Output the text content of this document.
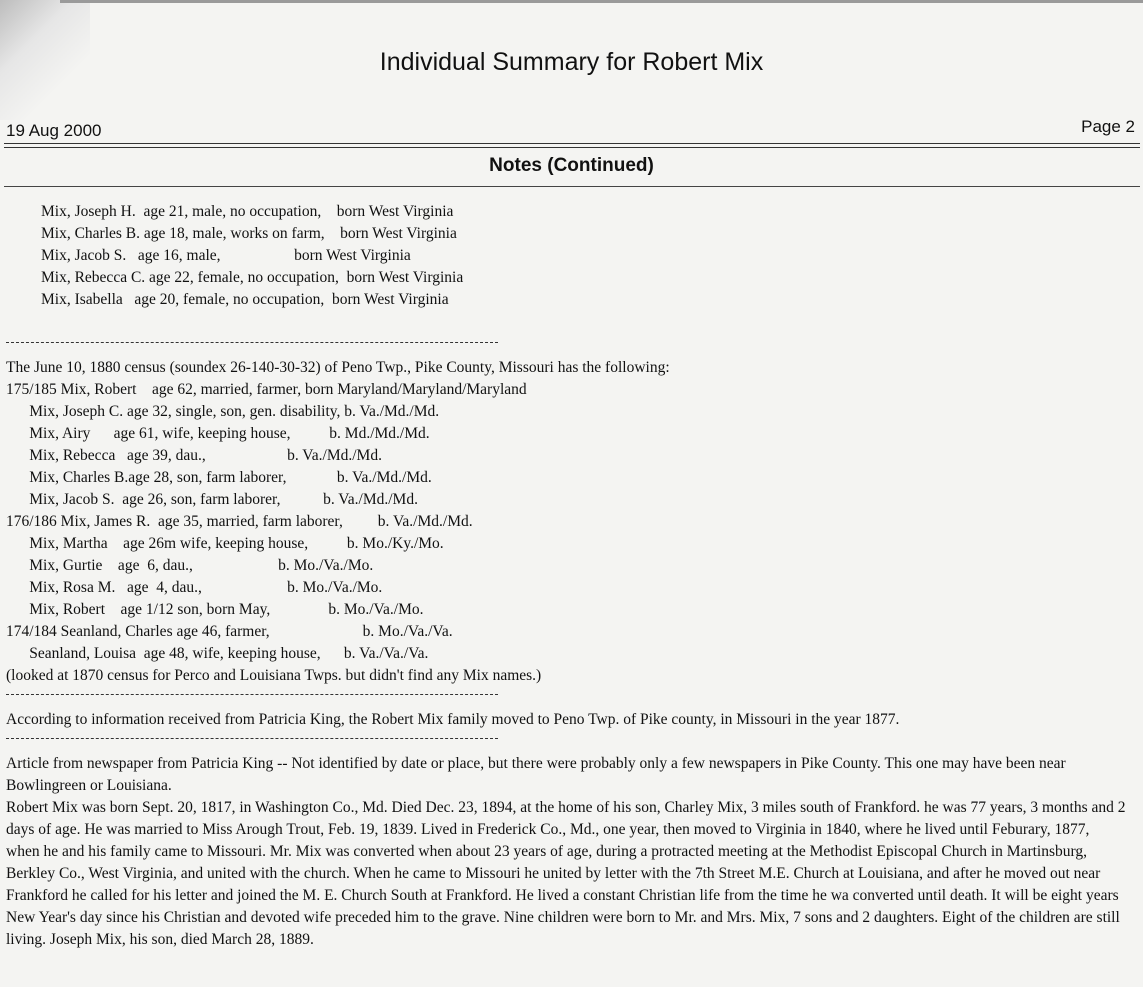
Individual Summary for Robert Mix
19 Aug 2000	Page 2
Notes (Continued)
Mix, Joseph H.  age 21, male, no occupation,    born West Virginia
Mix, Charles B. age 18, male, works on farm,    born West Virginia
Mix, Jacob S.   age 16, male,                   born West Virginia
Mix, Rebecca C. age 22, female, no occupation,  born West Virginia
Mix, Isabella   age 20, female, no occupation,  born West Virginia
The June 10, 1880 census (soundex 26-140-30-32) of Peno Twp., Pike County, Missouri has the following:
175/185 Mix, Robert    age 62, married, farmer, born Maryland/Maryland/Maryland
Mix, Joseph C. age 32, single, son, gen. disability, b. Va./Md./Md.
Mix, Airy      age 61, wife, keeping house,          b. Md./Md./Md.
Mix, Rebecca   age 39, dau.,                     b. Va./Md./Md.
Mix, Charles B.age 28, son, farm laborer,             b. Va./Md./Md.
Mix, Jacob S.  age 26, son, farm laborer,           b. Va./Md./Md.
176/186 Mix, James R.  age 35, married, farm laborer,         b. Va./Md./Md.
Mix, Martha    age 26m wife, keeping house,          b. Mo./Ky./Mo.
Mix, Gurtie    age  6, dau.,                      b. Mo./Va./Mo.
Mix, Rosa M.   age  4, dau.,                      b. Mo./Va./Mo.
Mix, Robert    age 1/12 son, born May,               b. Mo./Va./Mo.
174/184 Seanland, Charles age 46, farmer,                        b. Mo./Va./Va.
Seanland, Louisa  age 48, wife, keeping house,      b. Va./Va./Va.
(looked at 1870 census for Perco and Louisiana Twps. but didn't find any Mix names.)
According to information received from Patricia King, the Robert Mix family moved to Peno Twp. of Pike county, in Missouri in the year 1877.
Article from newspaper from Patricia King -- Not identified by date or place, but there were probably only a few newspapers in Pike County. This one may have been near Bowlingreen or Louisiana.
Robert Mix was born Sept. 20, 1817, in Washington Co., Md. Died Dec. 23, 1894, at the home of his son, Charley Mix, 3 miles south of Frankford. he was 77 years, 3 months and 2 days of age. He was married to Miss Arough Trout, Feb. 19, 1839. Lived in Frederick Co., Md., one year, then moved to Virginia in 1840, where he lived until Feburary, 1877, when he and his family came to Missouri. Mr. Mix was converted when about 23 years of age, during a protracted meeting at the Methodist Episcopal Church in Martinsburg, Berkley Co., West Virginia, and united with the church. When he came to Missouri he united by letter with the 7th Street M.E. Church at Louisiana, and after he moved out near Frankford he called for his letter and joined the M. E. Church South at Frankford. He lived a constant Christian life from the time he wa converted until death. It will be eight years New Year's day since his Christian and devoted wife preceded him to the grave. Nine children were born to Mr. and Mrs. Mix, 7 sons and 2 daughters. Eight of the children are still living. Joseph Mix, his son, died March 28, 1889.
